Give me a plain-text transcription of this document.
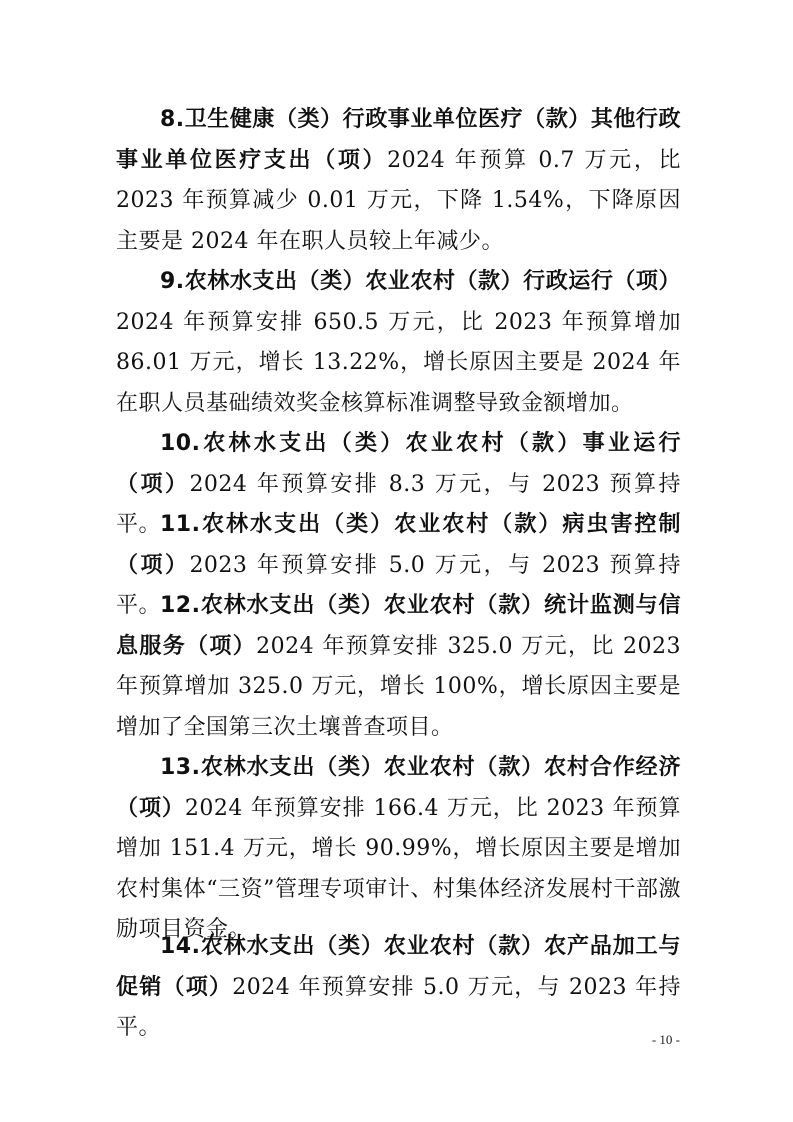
8.卫生健康（类）行政事业单位医疗（款）其他行政事业单位医疗支出（项）2024 年预算 0.7 万元，比 2023 年预算减少 0.01 万元，下降 1.54%，下降原因主要是 2024 年在职人员较上年减少。

9.农林水支出（类）农业农村（款）行政运行（项）2024 年预算安排 650.5 万元，比 2023 年预算增加 86.01 万元，增长 13.22%，增长原因主要是 2024 年在职人员基础绩效奖金核算标准调整导致金额增加。

10.农林水支出（类）农业农村（款）事业运行（项）2024 年预算安排 8.3 万元，与 2023 预算持平。

11.农林水支出（类）农业农村（款）病虫害控制（项）2023 年预算安排 5.0 万元，与 2023 预算持平。

12.农林水支出（类）农业农村（款）统计监测与信息服务（项）2024 年预算安排 325.0 万元，比 2023 年预算增加 325.0 万元，增长 100%，增长原因主要是增加了全国第三次土壤普查项目。

13.农林水支出（类）农业农村（款）农村合作经济（项）2024 年预算安排 166.4 万元，比 2023 年预算增加 151.4 万元，增长 90.99%，增长原因主要是增加农村集体“三资”管理专项审计、村集体经济发展村干部激励项目资金。

14.农林水支出（类）农业农村（款）农产品加工与促销（项）2024 年预算安排 5.0 万元，与 2023 年持平。	- 10 -
